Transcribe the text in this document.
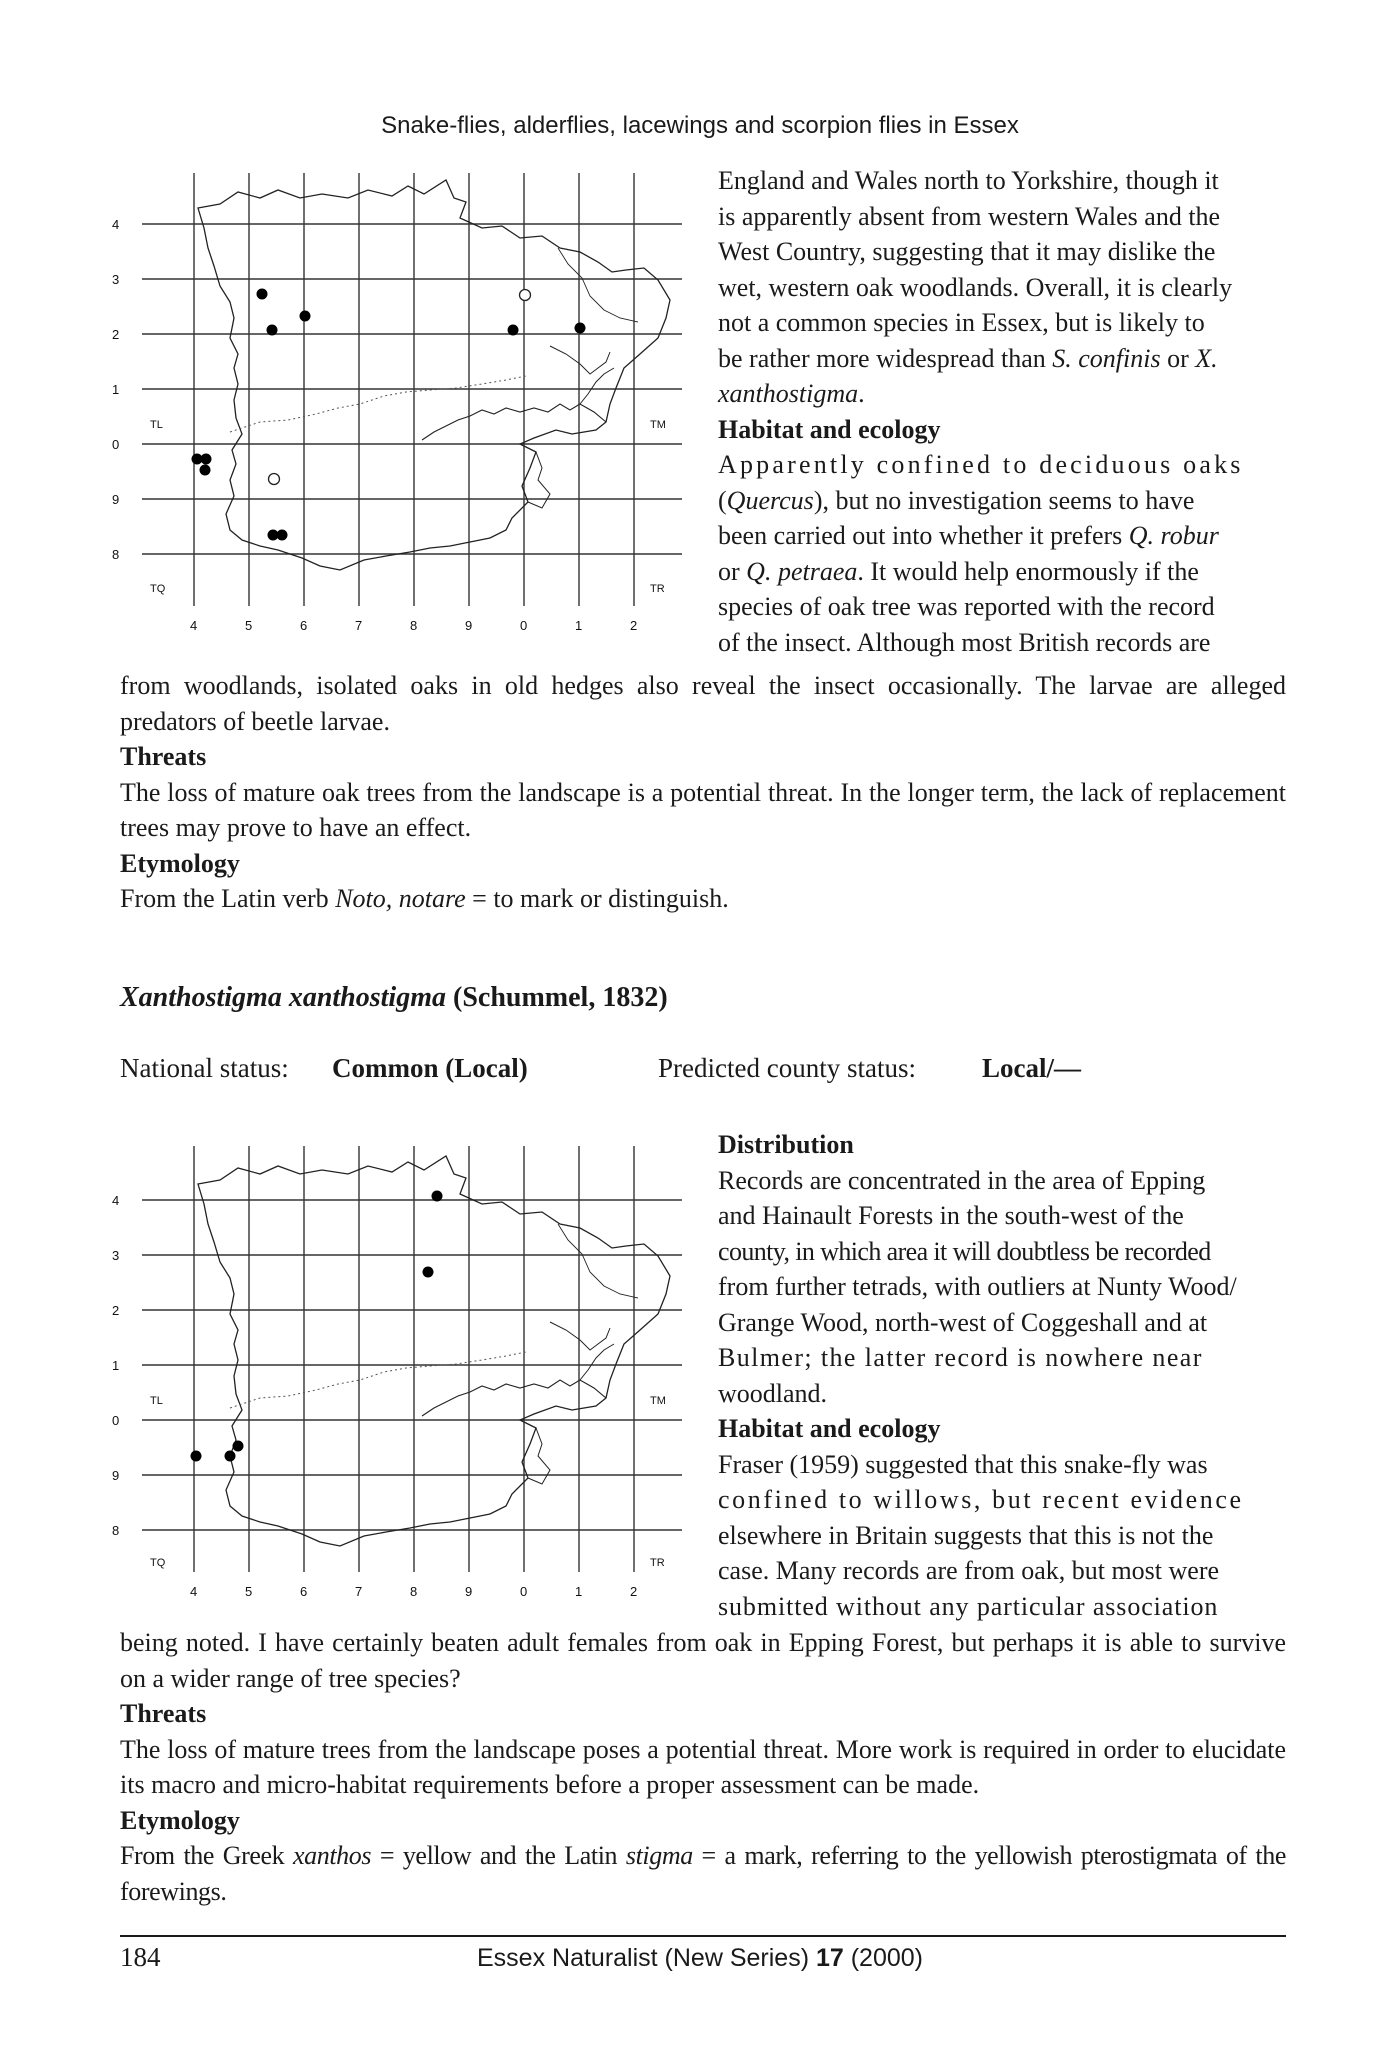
Snake-flies, alderflies, lacewings and scorpion flies in Essex
4
3
2
1
0
9
8
4	5	6	7	8	9	0	1	2
TL	TM
TQ	TR

England and Wales north to Yorkshire, though it

is apparently absent from western Wales and the

West Country, suggesting that it may dislike the

wet, western oak woodlands. Overall, it is clearly

not a common species in Essex, but is likely to

be rather more widespread than S. confinis or X.

xanthostigma.

Habitat and ecology

Apparently confined to deciduous oaks

(Quercus), but no investigation seems to have

been carried out into whether it prefers Q. robur

or Q. petraea. It would help enormously if the

species of oak tree was reported with the record

of the insect. Although most British records are

from woodlands, isolated oaks in old hedges also reveal the insect occasionally. The larvae are alleged predators of beetle larvae.

Threats

The loss of mature oak trees from the landscape is a potential threat. In the longer term, the lack of replacement trees may prove to have an effect.

Etymology

From the Latin verb Noto, notare = to mark or distinguish.

Xanthostigma xanthostigma (Schummel, 1832)

National status: Common (Local)	Predicted county status: Local/—
4
3
2
1
0
9
8
4	5	6	7	8	9	0	1	2
TL	TM
TQ	TR

Distribution

Records are concentrated in the area of Epping

and Hainault Forests in the south-west of the

county, in which area it will doubtless be recorded

from further tetrads, with outliers at Nunty Wood/

Grange Wood, north-west of Coggeshall and at

Bulmer; the latter record is nowhere near

woodland.

Habitat and ecology

Fraser (1959) suggested that this snake-fly was

confined to willows, but recent evidence

elsewhere in Britain suggests that this is not the

case. Many records are from oak, but most were

submitted without any particular association

being noted. I have certainly beaten adult females from oak in Epping Forest, but perhaps it is able to survive on a wider range of tree species?

Threats

The loss of mature trees from the landscape poses a potential threat. More work is required in order to elucidate its macro and micro-habitat requirements before a proper assessment can be made.

Etymology

From the Greek xanthos = yellow and the Latin stigma = a mark, referring to the yellowish pterostigmata of the forewings.

184	Essex Naturalist (New Series) 17 (2000)
